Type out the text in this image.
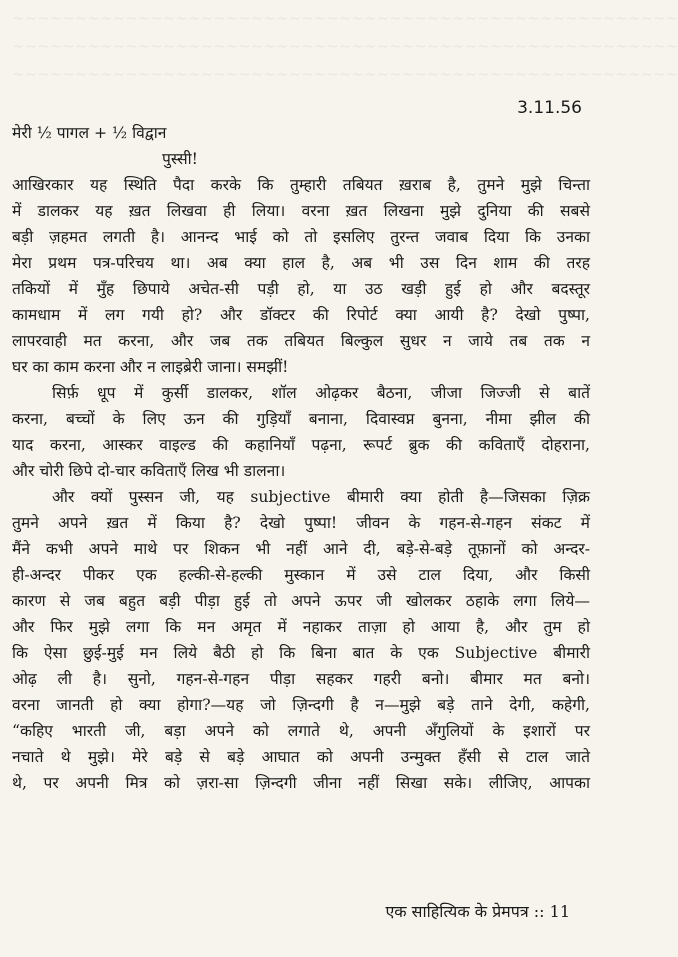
~~~~~~~~~~~~~~~~~~~~~~~~~~~~~~~~~~~~~~~~~~~~~~~~~~~~~
~~~~~~~~~~~~~~~~~~~~~~~~~~~~~~~~~~~~~~~~~~~~~~~~~~~~~
~~~~~~~~~~~~~~~~~~~~~~~~~~~~~~~~~~~~~~~~~~~~~~~~~~~~~
3.11.56
मेरी ½ पागल + ½ विद्वान
पुस्सी!
आखिरकार यह स्थिति पैदा करके कि तुम्हारी तबियत ख़राब है, तुमने मुझे चिन्ता
में डालकर यह ख़त लिखवा ही लिया। वरना ख़त लिखना मुझे दुनिया की सबसे
बड़ी ज़हमत लगती है। आनन्द भाई को तो इसलिए तुरन्त जवाब दिया कि उनका
मेरा प्रथम पत्र-परिचय था। अब क्या हाल है, अब भी उस दिन शाम की तरह
तकियों में मुँह छिपाये अचेत-सी पड़ी हो, या उठ खड़ी हुई हो और बदस्तूर
कामधाम में लग गयी हो? और डॉक्टर की रिपोर्ट क्या आयी है? देखो पुष्पा,
लापरवाही मत करना, और जब तक तबियत बिल्कुल सुधर न जाये तब तक न
घर का काम करना और न लाइब्रेरी जाना। समझीं!
सिर्फ़ धूप में कुर्सी डालकर, शॉल ओढ़कर बैठना, जीजा जिज्जी से बातें
करना, बच्चों के लिए ऊन की गुड़ियाँ बनाना, दिवास्वप्न बुनना, नीमा झील की
याद करना, आस्कर वाइल्ड की कहानियाँ पढ़ना, रूपर्ट ब्रुक की कविताएँ दोहराना,
और चोरी छिपे दो-चार कविताएँ लिख भी डालना।
और क्यों पुस्सन जी, यह subjective बीमारी क्या होती है—जिसका ज़िक्र
तुमने अपने ख़त में किया है? देखो पुष्पा! जीवन के गहन-से-गहन संकट में
मैंने कभी अपने माथे पर शिकन भी नहीं आने दी, बड़े-से-बड़े तूफ़ानों को अन्दर-
ही-अन्दर पीकर एक हल्की-से-हल्की मुस्कान में उसे टाल दिया, और किसी
कारण से जब बहुत बड़ी पीड़ा हुई तो अपने ऊपर जी खोलकर ठहाके लगा लिये—
और फिर मुझे लगा कि मन अमृत में नहाकर ताज़ा हो आया है, और तुम हो
कि ऐसा छुई-मुई मन लिये बैठी हो कि बिना बात के एक Subjective बीमारी
ओढ़ ली है। सुनो, गहन-से-गहन पीड़ा सहकर गहरी बनो। बीमार मत बनो।
वरना जानती हो क्या होगा?—यह जो ज़िन्दगी है न—मुझे बड़े ताने देगी, कहेगी,
“कहिए भारती जी, बड़ा अपने को लगाते थे, अपनी अँगुलियों के इशारों पर
नचाते थे मुझे। मेरे बड़े से बड़े आघात को अपनी उन्मुक्त हँसी से टाल जाते
थे, पर अपनी मित्र को ज़रा-सा ज़िन्दगी जीना नहीं सिखा सके। लीजिए, आपका
एक साहित्यिक के प्रेमपत्र :: 11
